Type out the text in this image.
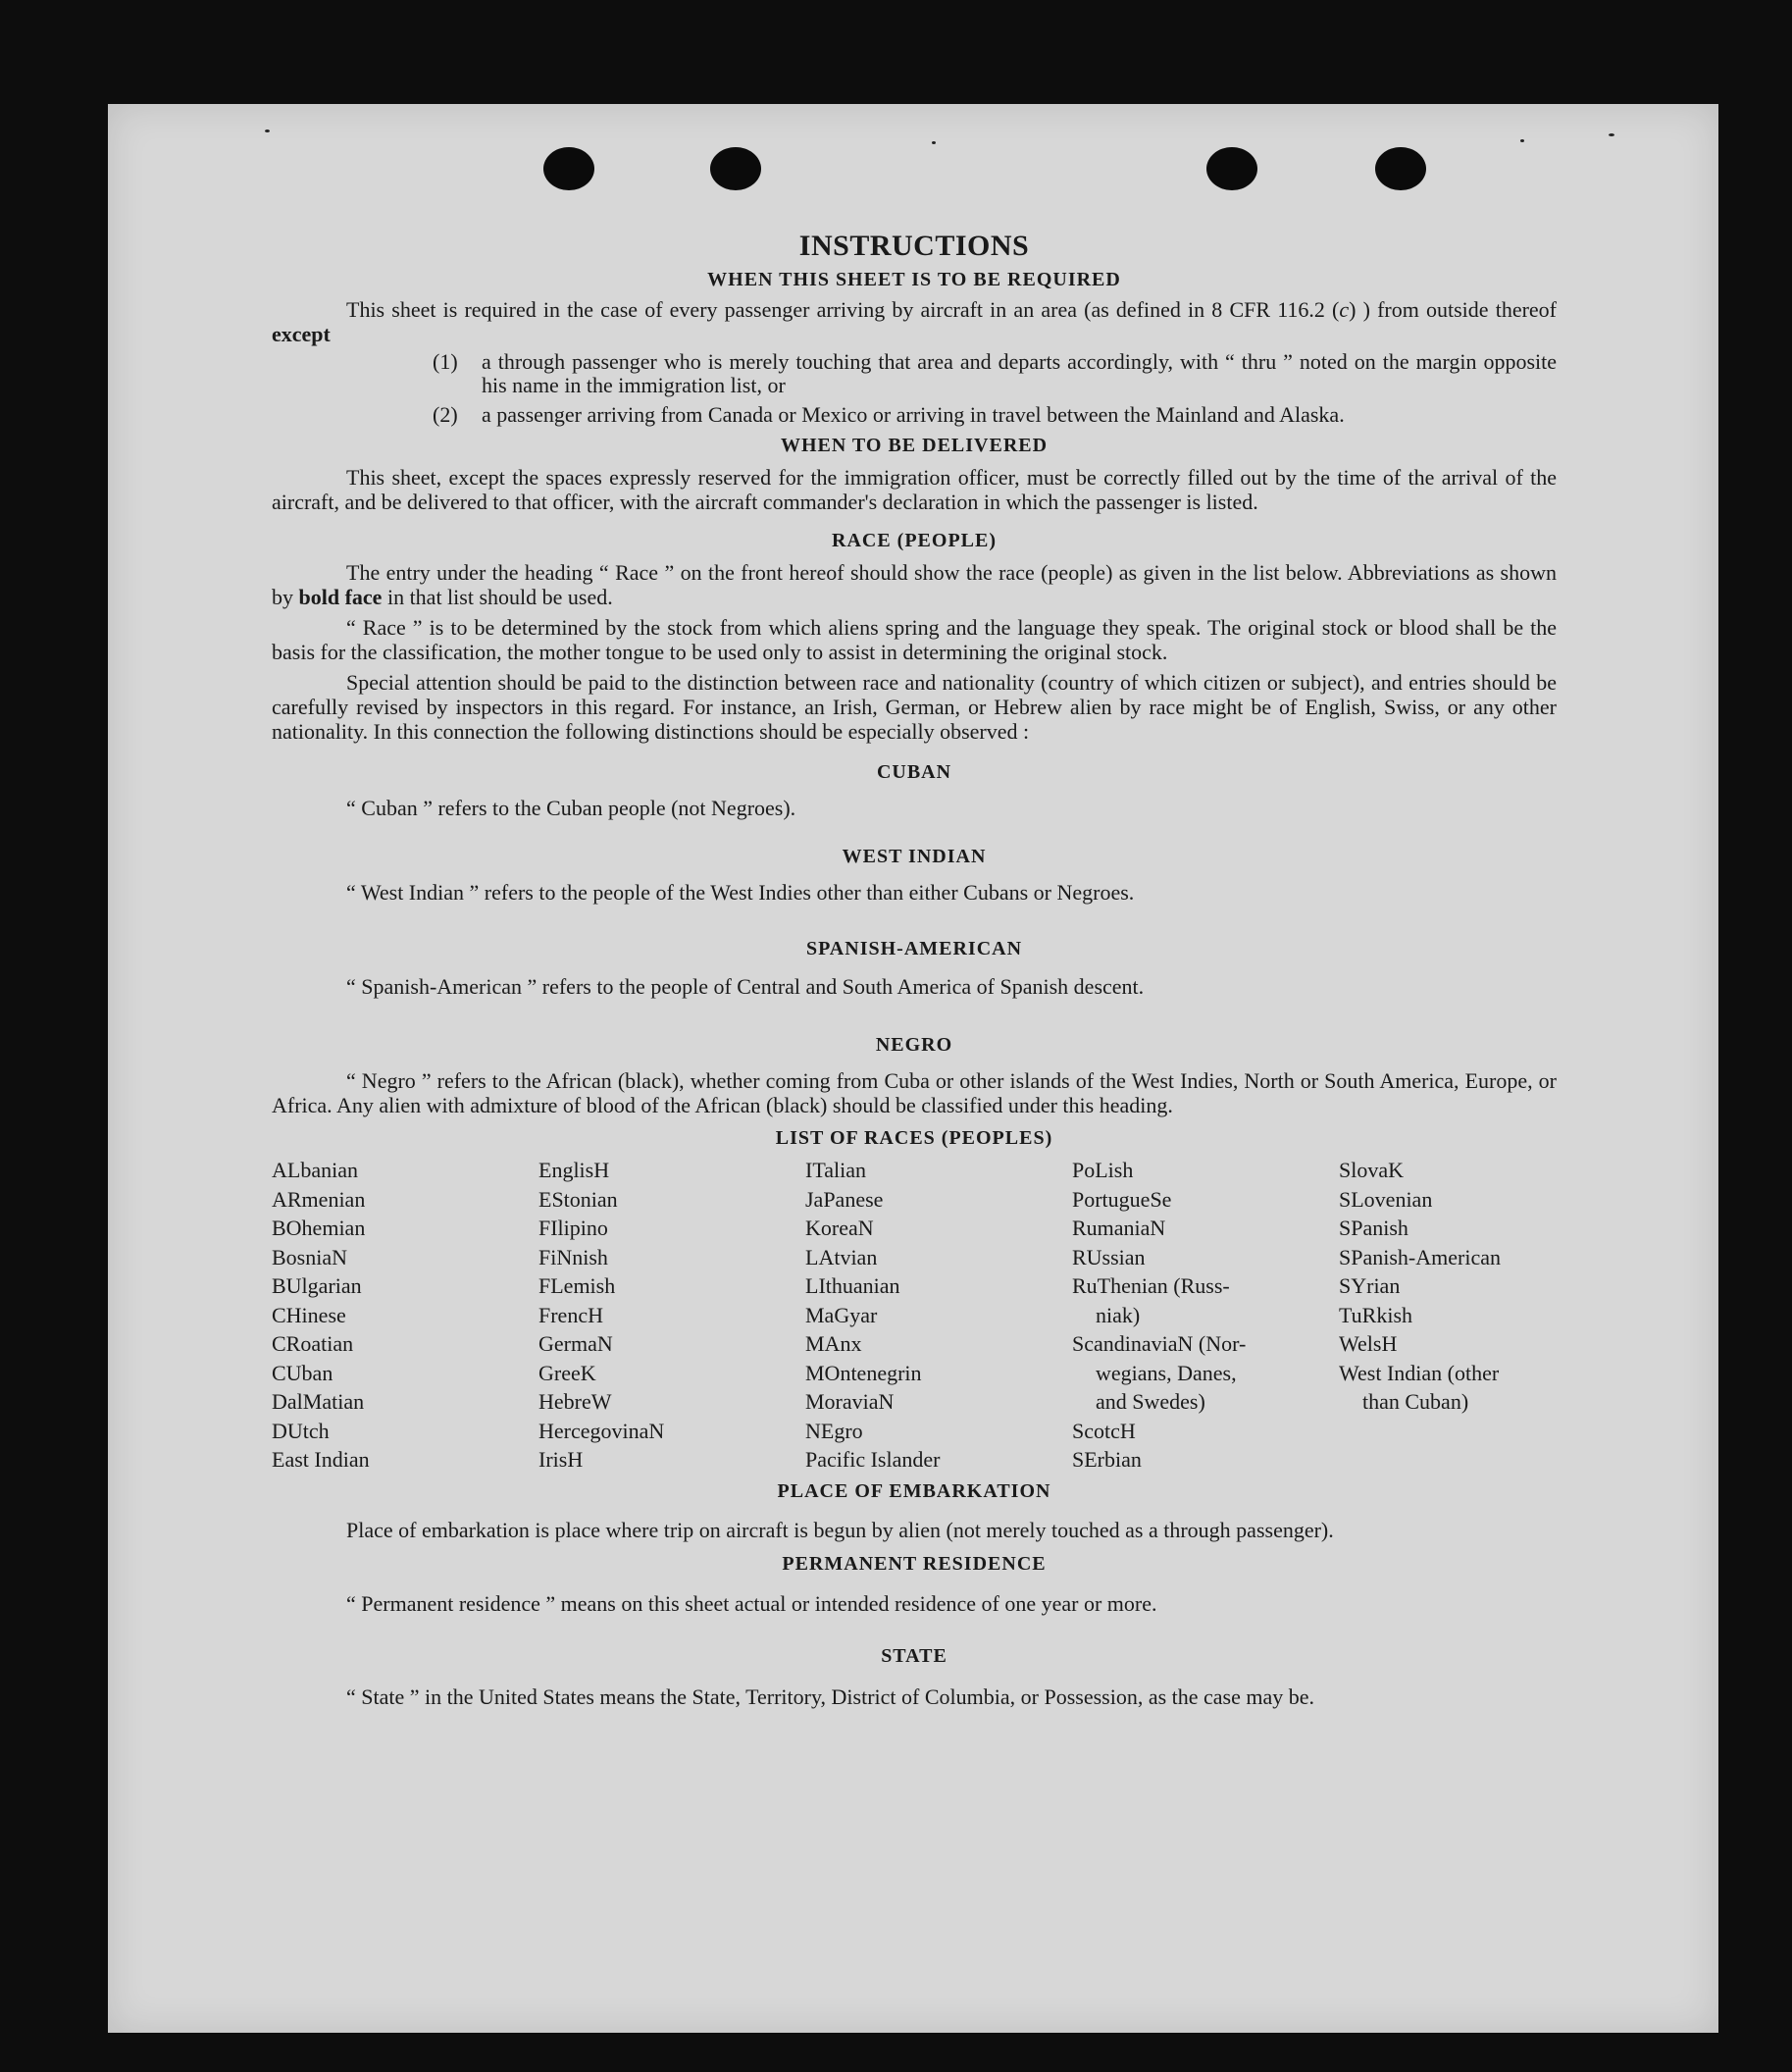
INSTRUCTIONS
WHEN THIS SHEET IS TO BE REQUIRED

This sheet is required in the case of every passenger arriving by aircraft in an area (as defined in 8 CFR 116.2 (c) ) from outside thereof except

(1)	a through passenger who is merely touching that area and departs accordingly, with “ thru ” noted on the margin opposite his name in the immigration list, or
(2)	a passenger arriving from Canada or Mexico or arriving in travel between the Mainland and Alaska.
WHEN TO BE DELIVERED

This sheet, except the spaces expressly reserved for the immigration officer, must be correctly filled out by the time of the arrival of the aircraft, and be delivered to that officer, with the aircraft commander's declaration in which the passenger is listed.

RACE (PEOPLE)

The entry under the heading “ Race ” on the front hereof should show the race (people) as given in the list below. Abbreviations as shown by bold face in that list should be used.

“ Race ” is to be determined by the stock from which aliens spring and the language they speak. The original stock or blood shall be the basis for the classification, the mother tongue to be used only to assist in determining the original stock.

Special attention should be paid to the distinction between race and nationality (country of which citizen or subject), and entries should be carefully revised by inspectors in this regard. For instance, an Irish, German, or Hebrew alien by race might be of English, Swiss, or any other nationality. In this connection the following distinctions should be especially observed :

CUBAN

“ Cuban ” refers to the Cuban people (not Negroes).

WEST INDIAN

“ West Indian ” refers to the people of the West Indies other than either Cubans or Negroes.

SPANISH-AMERICAN

“ Spanish-American ” refers to the people of Central and South America of Spanish descent.

NEGRO

“ Negro ” refers to the African (black), whether coming from Cuba or other islands of the West Indies, North or South America, Europe, or Africa. Any alien with admixture of blood of the African (black) should be classified under this heading.

LIST OF RACES (PEOPLES)
ALbanian	EnglisH	ITalian	PoLish	SlovaK
ARmenian	EStonian	JaPanese	PortugueSe	SLovenian
BOhemian	FIlipino	KoreaN	RumaniaN	SPanish
BosniaN	FiNnish	LAtvian	RUssian	SPanish-American
BUlgarian	FLemish	LIthuanian	RuThenian (Russ-	SYrian
CHinese	FrencH	MaGyar	niak)	TuRkish
CRoatian	GermaN	MAnx	ScandinaviaN (Nor-	WelsH
CUban	GreeK	MOntenegrin	wegians, Danes,	West Indian (other
DalMatian	HebreW	MoraviaN	and Swedes)	than Cuban)
DUtch	HercegovinaN	NEgro	ScotcH
East Indian	IrisH	Pacific Islander	SErbian
PLACE OF EMBARKATION

Place of embarkation is place where trip on aircraft is begun by alien (not merely touched as a through passenger).

PERMANENT RESIDENCE

“ Permanent residence ” means on this sheet actual or intended residence of one year or more.

STATE

“ State ” in the United States means the State, Territory, District of Columbia, or Possession, as the case may be.
